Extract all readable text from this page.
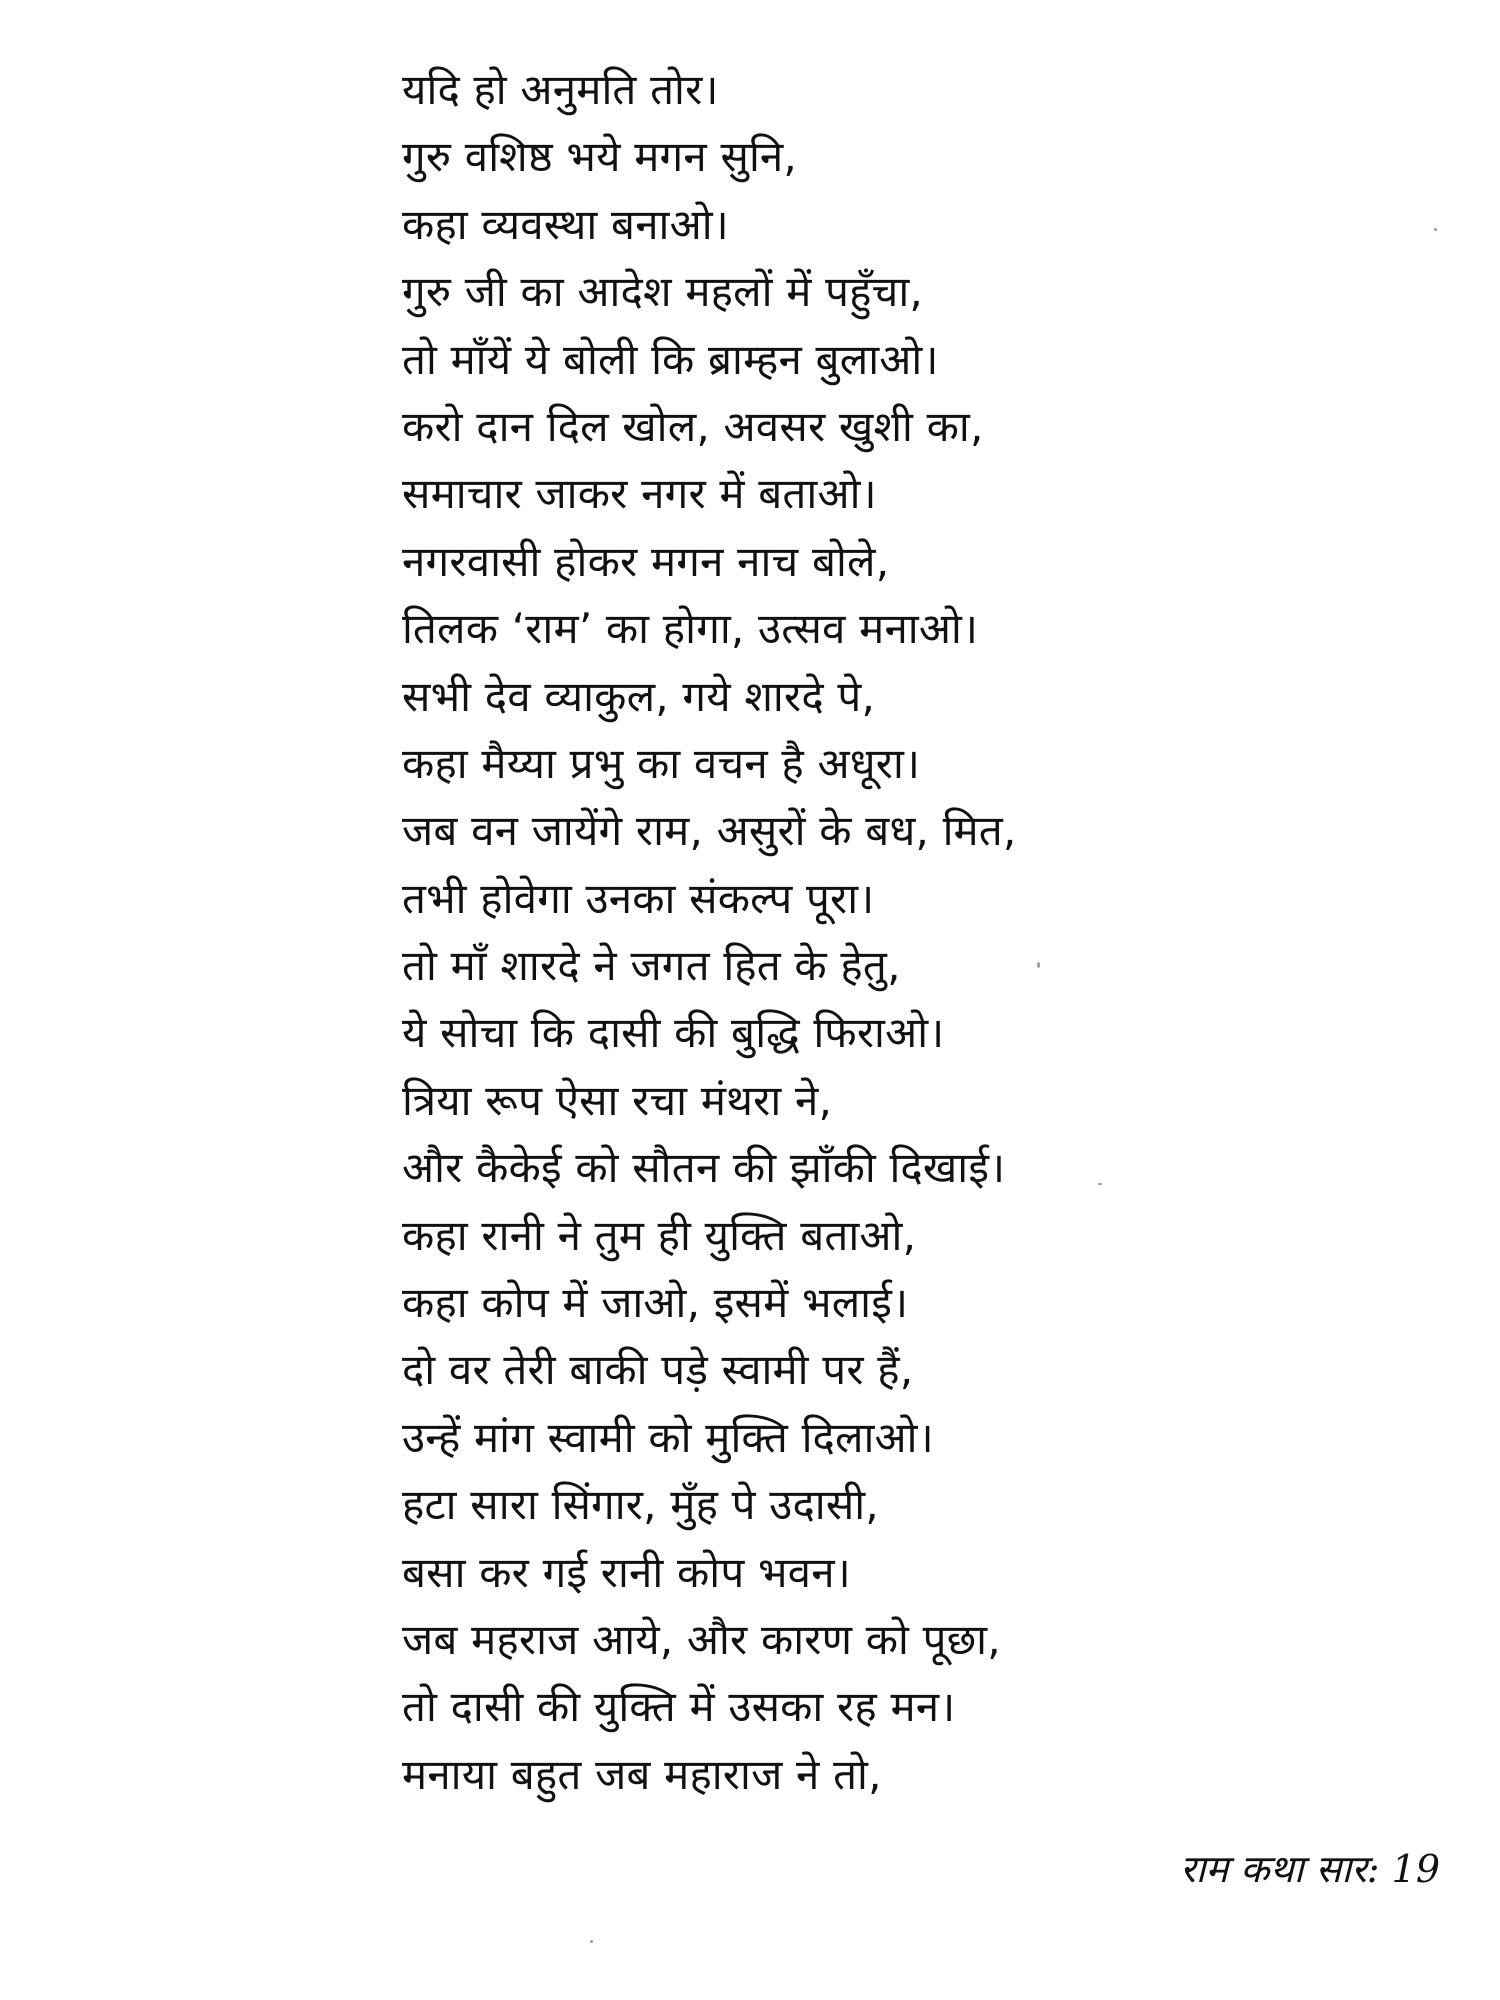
यदि हो अनुमति तोर।
गुरु वशिष्ठ भये मगन सुनि,
कहा व्यवस्था बनाओ।
गुरु जी का आदेश महलों में पहुँचा,
तो माँयें ये बोली कि ब्राम्हन बुलाओ।
करो दान दिल खोल, अवसर खुशी का,
समाचार जाकर नगर में बताओ।
नगरवासी होकर मगन नाच बोले,
तिलक ‘राम’ का होगा, उत्सव मनाओ।
सभी देव व्याकुल, गये शारदे पे,
कहा मैय्या प्रभु का वचन है अधूरा।
जब वन जायेंगे राम, असुरों के बध, मित,
तभी होवेगा उनका संकल्प पूरा।
तो माँ शारदे ने जगत हित के हेतु,
ये सोचा कि दासी की बुद्धि फिराओ।
त्रिया रूप ऐसा रचा मंथरा ने,
और कैकेई को सौतन की झाँकी दिखाई।
कहा रानी ने तुम ही युक्ति बताओ,
कहा कोप में जाओ, इसमें भलाई।
दो वर तेरी बाकी पड़े स्वामी पर हैं,
उन्हें मांग स्वामी को मुक्ति दिलाओ।
हटा सारा सिंगार, मुँह पे उदासी,
बसा कर गई रानी कोप भवन।
जब महराज आये, और कारण को पूछा,
तो दासी की युक्ति में उसका रह मन।
मनाया बहुत जब महाराज ने तो,
राम कथा सार: 19
